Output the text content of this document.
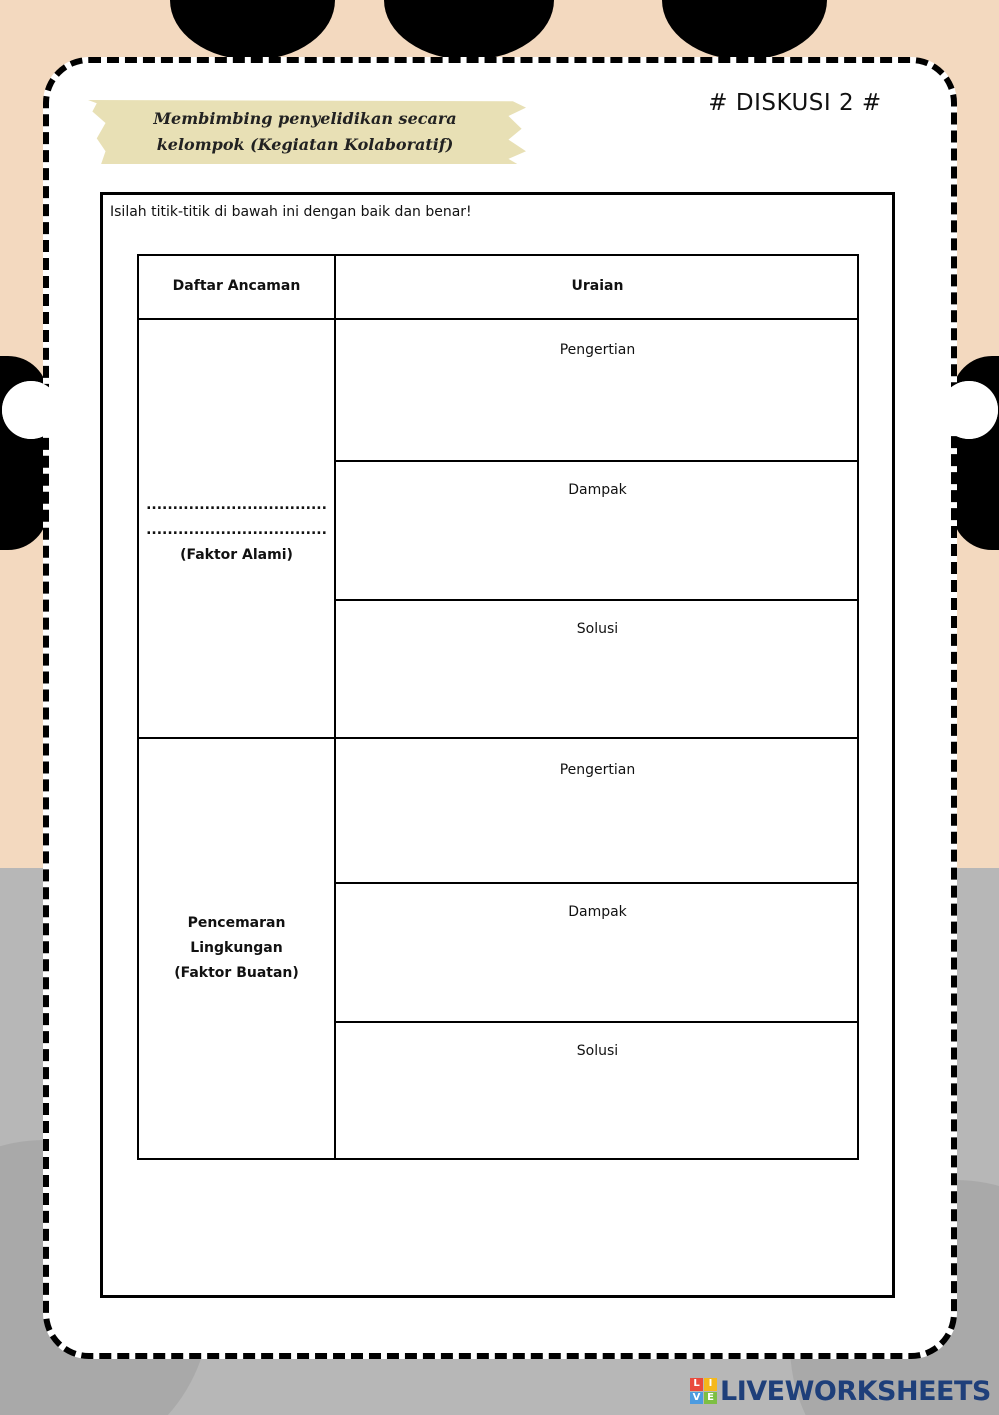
Membimbing penyelidikan secara
kelompok (Kegiatan Kolaboratif)
# DISKUSI 2 #
Isilah titik-titik di bawah ini dengan baik dan benar!
Daftar Ancaman	Uraian
..................................
..................................
(Faktor Alami)
Pengertian
Dampak
Solusi
Pencemaran
Lingkungan
(Faktor Buatan)
Pengertian
Dampak
Solusi
L I
V E LIVEWORKSHEETS
